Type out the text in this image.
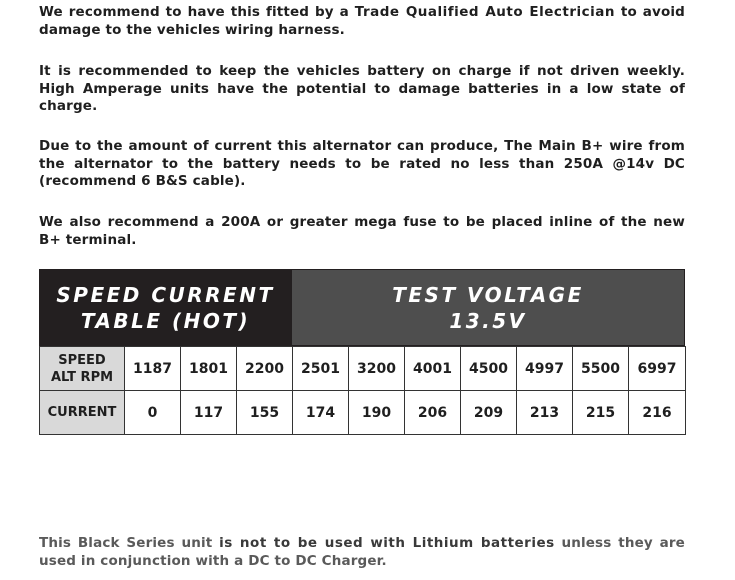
We recommend to have this fitted by a Trade Qualified Auto Electrician to avoid damage to the vehicles wiring harness.

It is recommended to keep the vehicles battery on charge if not driven weekly. High Amperage units have the potential to damage batteries in a low state of charge.

Due to the amount of current this alternator can produce, The Main B+ wire from the alternator to the battery needs to be rated no less than 250A @14v DC (recommend 6 B&S cable).

We also recommend a 200A or greater mega fuse to be placed inline of the new B+ terminal.

SPEED CURRENT
TABLE (HOT)
TEST VOLTAGE
13.5V
SPEED
ALT RPM	1187	1801	2200	2501	3200	4001	4500	4997	5500	6997
CURRENT	0	117	155	174	190	206	209	213	215	216

This Black Series unit is not to be used with Lithium batteries unless they are used in conjunction with a DC to DC Charger.
